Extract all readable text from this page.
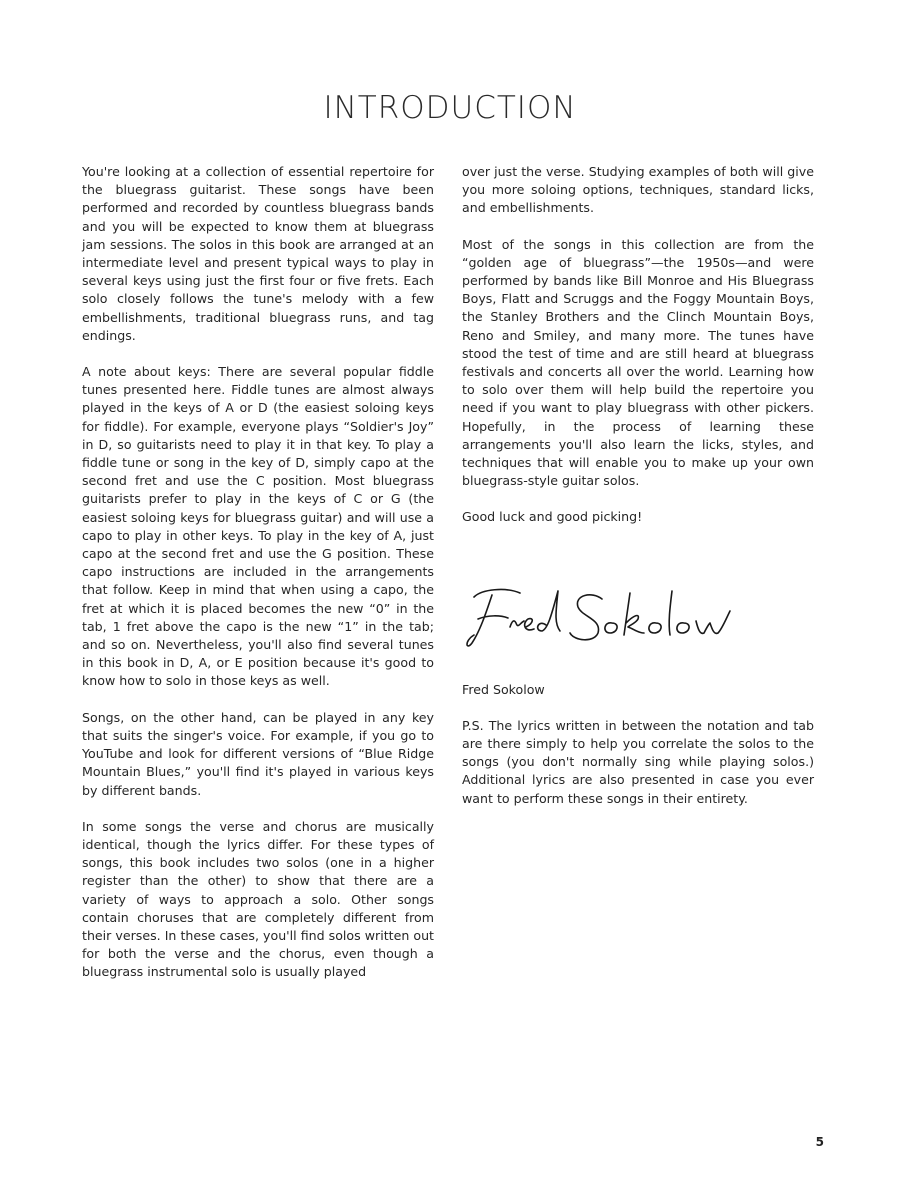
INTRODUCTION

You're looking at a collection of essential repertoire for the bluegrass guitarist. These songs have been performed and recorded by countless bluegrass bands and you will be expected to know them at bluegrass jam sessions. The solos in this book are arranged at an intermediate level and present typical ways to play in several keys using just the first four or five frets. Each solo closely follows the tune's melody with a few embellishments, traditional bluegrass runs, and tag endings.

A note about keys: There are several popular fiddle tunes presented here. Fiddle tunes are almost always played in the keys of A or D (the easiest soloing keys for fiddle). For example, everyone plays “Soldier's Joy” in D, so guitarists need to play it in that key. To play a fiddle tune or song in the key of D, simply capo at the second fret and use the C position. Most bluegrass guitarists prefer to play in the keys of C or G (the easiest soloing keys for bluegrass guitar) and will use a capo to play in other keys. To play in the key of A, just capo at the second fret and use the G position. These capo instructions are included in the arrangements that follow. Keep in mind that when using a capo, the fret at which it is placed becomes the new “0” in the tab, 1 fret above the capo is the new “1” in the tab; and so on. Nevertheless, you'll also find several tunes in this book in D, A, or E position because it's good to know how to solo in those keys as well.

Songs, on the other hand, can be played in any key that suits the singer's voice. For example, if you go to YouTube and look for different versions of “Blue Ridge Mountain Blues,” you'll find it's played in various keys by different bands.

In some songs the verse and chorus are musically identical, though the lyrics differ. For these types of songs, this book includes two solos (one in a higher register than the other) to show that there are a variety of ways to approach a solo. Other songs contain choruses that are completely different from their verses. In these cases, you'll find solos written out for both the verse and the chorus, even though a bluegrass instrumental solo is usually played

over just the verse. Studying examples of both will give you more soloing options, techniques, standard licks, and embellishments.

Most of the songs in this collection are from the “golden age of bluegrass”—the 1950s—and were performed by bands like Bill Monroe and His Bluegrass Boys, Flatt and Scruggs and the Foggy Mountain Boys, the Stanley Brothers and the Clinch Mountain Boys, Reno and Smiley, and many more. The tunes have stood the test of time and are still heard at bluegrass festivals and concerts all over the world. Learning how to solo over them will help build the repertoire you need if you want to play bluegrass with other pickers. Hopefully, in the process of learning these arrangements you'll also learn the licks, styles, and techniques that will enable you to make up your own bluegrass-style guitar solos.

Good luck and good picking!

Fred Sokolow

P.S. The lyrics written in between the notation and tab are there simply to help you correlate the solos to the songs (you don't normally sing while playing solos.) Additional lyrics are also presented in case you ever want to perform these songs in their entirety.

5
